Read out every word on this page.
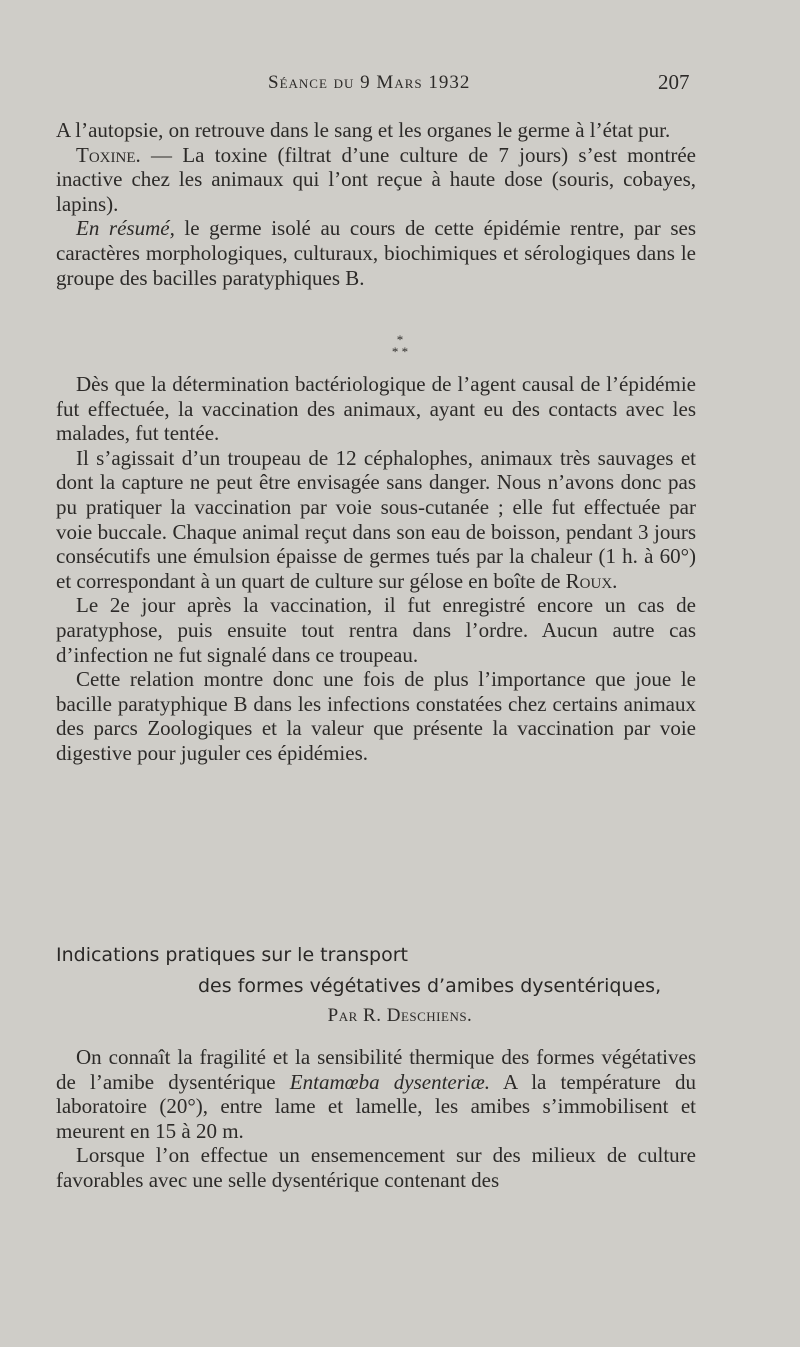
Séance du 9 Mars 1932	207

A l’autopsie, on retrouve dans le sang et les organes le germe à l’état pur.

Toxine. — La toxine (filtrat d’une culture de 7 jours) s’est montrée inactive chez les animaux qui l’ont reçue à haute dose (souris, cobayes, lapins).

En résumé, le germe isolé au cours de cette épidémie rentre, par ses caractères morphologiques, culturaux, biochimiques et sérologiques dans le groupe des bacilles paratyphiques B.

*
* *

Dès que la détermination bactériologique de l’agent causal de l’épidémie fut effectuée, la vaccination des animaux, ayant eu des contacts avec les malades, fut tentée.

Il s’agissait d’un troupeau de 12 céphalophes, animaux très sauvages et dont la capture ne peut être envisagée sans danger. Nous n’avons donc pas pu pratiquer la vaccination par voie sous-cutanée ; elle fut effectuée par voie buccale. Chaque animal reçut dans son eau de boisson, pendant 3 jours consécutifs une émulsion épaisse de germes tués par la chaleur (1 h. à 60°) et correspondant à un quart de culture sur gélose en boîte de Roux.

Le 2e jour après la vaccination, il fut enregistré encore un cas de paratyphose, puis ensuite tout rentra dans l’ordre. Aucun autre cas d’infection ne fut signalé dans ce troupeau.

Cette relation montre donc une fois de plus l’importance que joue le bacille paratyphique B dans les infections constatées chez certains animaux des parcs Zoologiques et la valeur que présente la vaccination par voie digestive pour juguler ces épidémies.

Indications pratiques sur le transport
des formes végétatives d’amibes dysentériques,
Par R. Deschiens.

On connaît la fragilité et la sensibilité thermique des formes végétatives de l’amibe dysentérique Entamœba dysenteriæ. A la température du laboratoire (20°), entre lame et lamelle, les amibes s’immobilisent et meurent en 15 à 20 m.

Lorsque l’on effectue un ensemencement sur des milieux de culture favorables avec une selle dysentérique contenant des
